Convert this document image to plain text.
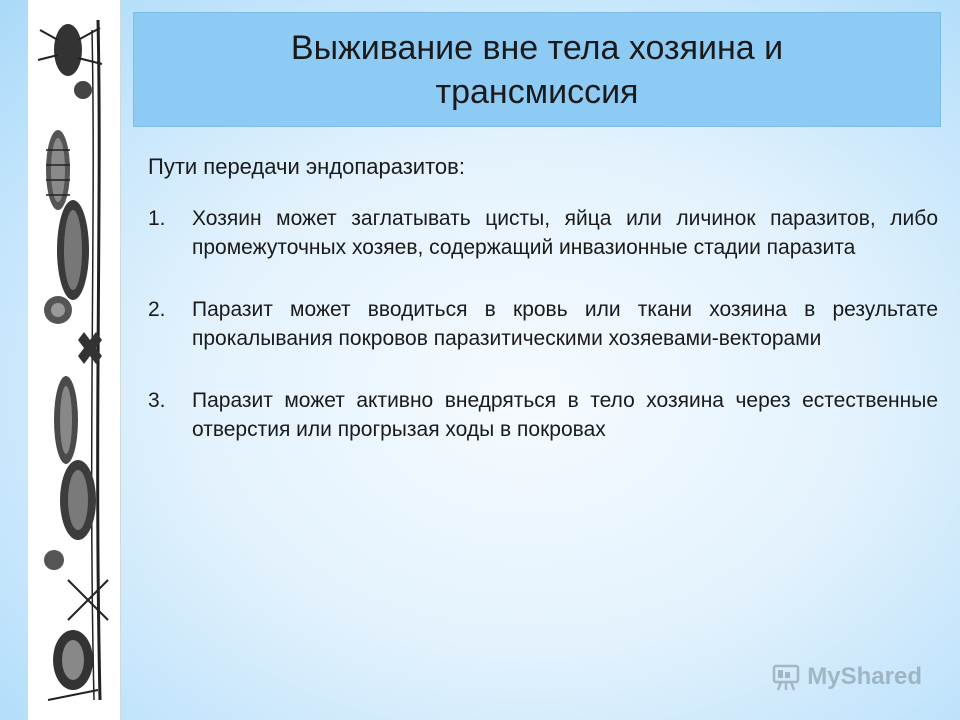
Выживание вне тела хозяина и трансмиссия

Пути передачи эндопаразитов:

1.	Хозяин может заглатывать цисты, яйца или личинок паразитов, либо промежуточных хозяев, содержащий инвазионные стадии паразита
2.	Паразит может вводиться в кровь или ткани хозяина в результате прокалывания покровов паразитическими хозяевами-векторами
3.	Паразит может активно внедряться в тело хозяина через естественные отверстия или прогрызая ходы в покровах
MyShared
